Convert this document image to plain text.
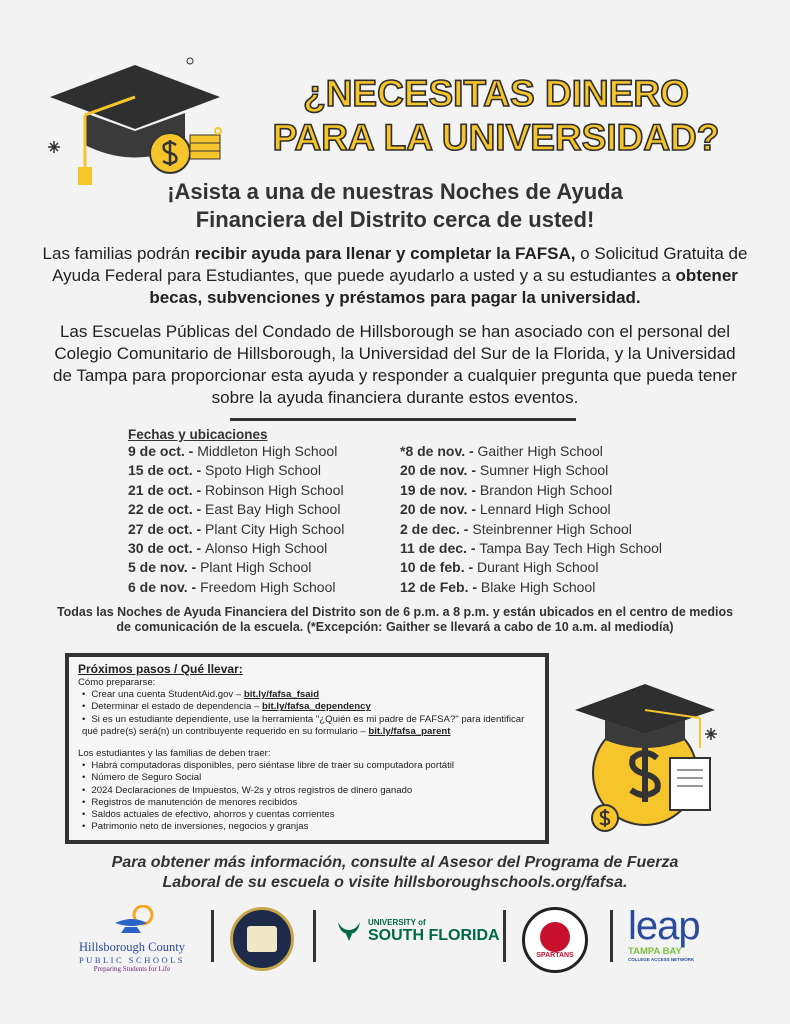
¿NECESITAS DINERO
PARA LA UNIVERSIDAD?
¡Asista a una de nuestras Noches de Ayuda
Financiera del Distrito cerca de usted!
Las familias podrán recibir ayuda para llenar y completar la FAFSA, o Solicitud Gratuita de Ayuda Federal para Estudiantes, que puede ayudarlo a usted y a su estudiantes a obtener becas, subvenciones y préstamos para pagar la universidad.
Las Escuelas Públicas del Condado de Hillsborough se han asociado con el personal del Colegio Comunitario de Hillsborough, la Universidad del Sur de la Florida, y la Universidad de Tampa para proporcionar esta ayuda y responder a cualquier pregunta que pueda tener sobre la ayuda financiera durante estos eventos.
Fechas y ubicaciones
9 de oct. - Middleton High School
15 de oct. - Spoto High School
21 de oct. - Robinson High School
22 de oct. - East Bay High School
27 de oct. - Plant City High School
30 de oct. - Alonso High School
5 de nov. - Plant High School
6 de nov. - Freedom High School
*8 de nov. - Gaither High School
20 de nov. - Sumner High School
19 de nov. - Brandon High School
20 de nov. - Lennard High School
2 de dec. - Steinbrenner High School
11 de dec. - Tampa Bay Tech High School
10 de feb. - Durant High School
12 de Feb. - Blake High School
Todas las Noches de Ayuda Financiera del Distrito son de 6 p.m. a 8 p.m. y están ubicados en el centro de medios de comunicación de la escuela. (*Excepción: Gaither se llevará a cabo de 10 a.m. al mediodía)
Próximos pasos / Qué llevar:
Cómo prepararse:
• Crear una cuenta StudentAid.gov – bit.ly/fafsa_fsaid
• Determinar el estado de dependencia – bit.ly/fafsa_dependency
• Si es un estudiante dependiente, use la herramienta "¿Quién es mi padre de FAFSA?" para identificar qué padre(s) será(n) un contribuyente requerido en su formulario – bit.ly/fafsa_parent
Los estudiantes y las familias de deben traer:
• Habrá computadoras disponibles, pero siéntase libre de traer su computadora portátil
• Número de Seguro Social
• 2024 Declaraciones de Impuestos, W-2s y otros registros de dinero ganado
• Registros de manutención de menores recibidos
• Saldos actuales de efectivo, ahorros y cuentas corrientes
• Patrimonio neto de inversiones, negocios y granjas
Para obtener más información, consulte al Asesor del Programa de Fuerza
Laboral de su escuela o visite hillsboroughschools.org/fafsa.
Hillsborough County
PUBLIC SCHOOLS
Preparing Students for Life
UNIVERSITY of
SOUTH FLORIDA
SPARTANS
leap
TAMPA BAY
COLLEGE ACCESS NETWORK
